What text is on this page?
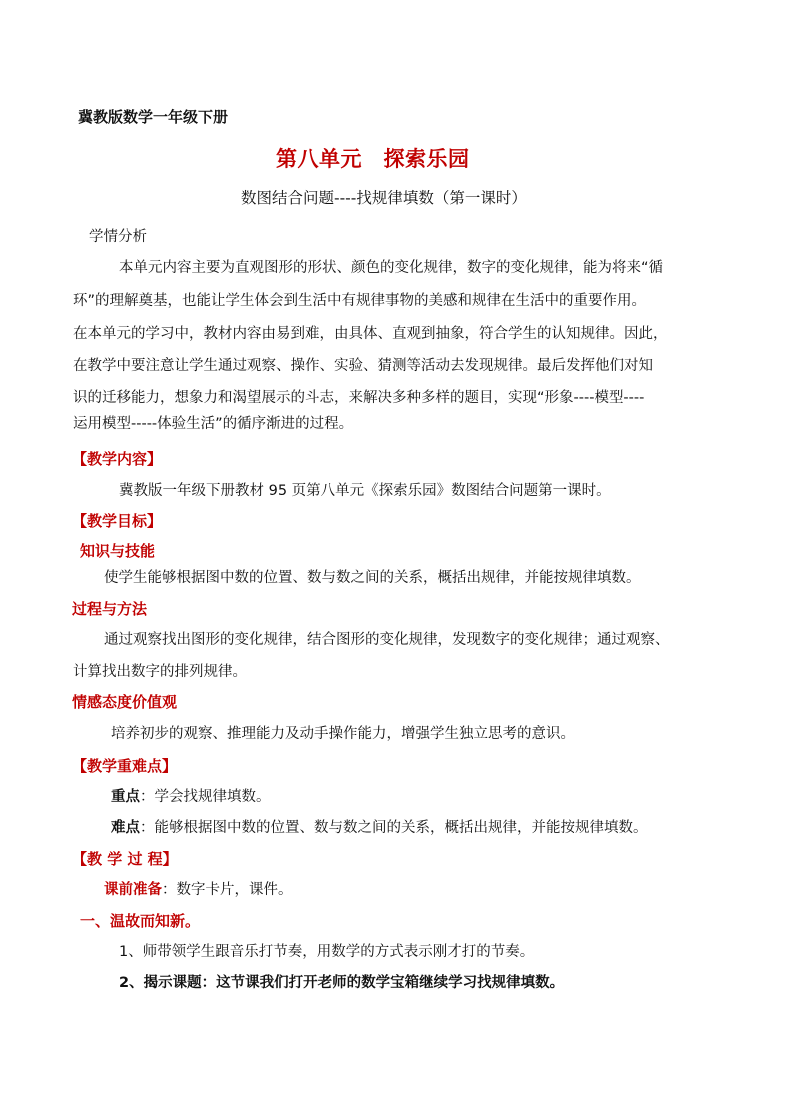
冀教版数学一年级下册
第八单元　探索乐园
数图结合问题----找规律填数（第一课时）
学情分析
本单元内容主要为直观图形的形状、颜色的变化规律，数字的变化规律，能为将来“循
环”的理解奠基，也能让学生体会到生活中有规律事物的美感和规律在生活中的重要作用。
在本单元的学习中，教材内容由易到难，由具体、直观到抽象，符合学生的认知规律。因此，
在教学中要注意让学生通过观察、操作、实验、猜测等活动去发现规律。最后发挥他们对知
识的迁移能力，想象力和渴望展示的斗志，来解决多种多样的题目，实现“形象----模型----
运用模型-----体验生活”的循序渐进的过程。
【教学内容】
冀教版一年级下册教材 95 页第八单元《探索乐园》数图结合问题第一课时。
【教学目标】
知识与技能
使学生能够根据图中数的位置、数与数之间的关系，概括出规律，并能按规律填数。
过程与方法
通过观察找出图形的变化规律，结合图形的变化规律，发现数字的变化规律；通过观察、
计算找出数字的排列规律。
情感态度价值观
培养初步的观察、推理能力及动手操作能力，增强学生独立思考的意识。
【教学重难点】
重点：学会找规律填数。
难点：能够根据图中数的位置、数与数之间的关系，概括出规律，并能按规律填数。
【教 学 过 程】
课前准备：数字卡片，课件。
一、温故而知新。
1、师带领学生跟音乐打节奏，用数学的方式表示刚才打的节奏。
2、揭示课题：这节课我们打开老师的数学宝箱继续学习找规律填数。
